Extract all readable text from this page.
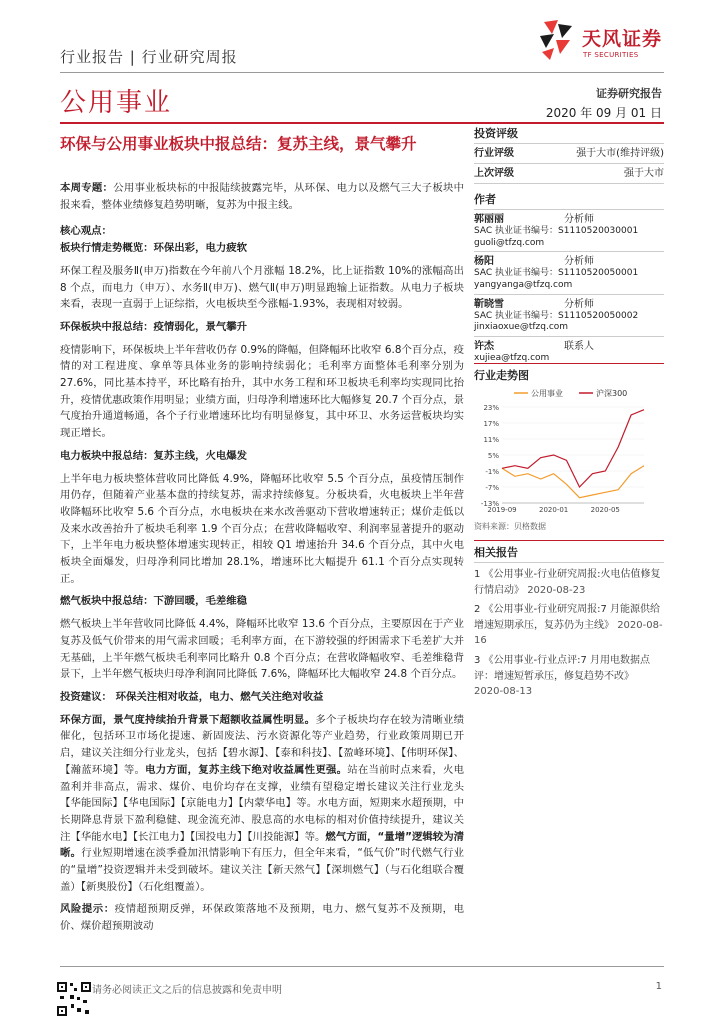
行业报告 | 行业研究周报
天风证券
TF SECURITIES
公用事业	证券研究报告
2020 年 09 月 01 日
环保与公用事业板块中报总结：复苏主线，景气攀升

本周专题：公用事业板块标的中报陆续披露完毕，从环保、电力以及燃气三大子板块中报来看，整体业绩修复趋势明晰，复苏为中报主线。

核心观点：

板块行情走势概览：环保出彩，电力疲软

环保工程及服务Ⅱ(申万)指数在今年前八个月涨幅 18.2%，比上证指数 10%的涨幅高出 8 个点，而电力（申万）、水务Ⅱ(申万)、燃气Ⅱ(申万)明显跑输上证指数。从电力子板块来看，表现一直弱于上证综指，火电板块至今涨幅-1.93%，表现相对较弱。

环保板块中报总结：疫情弱化，景气攀升

疫情影响下，环保板块上半年营收仍存 0.9%的降幅，但降幅环比收窄 6.8个百分点，疫情的对工程进度、拿单等具体业务的影响持续弱化；毛利率方面整体毛利率分别为 27.6%，同比基本持平，环比略有抬升，其中水务工程和环卫板块毛利率均实现同比抬升，疫情优惠政策作用明显；业绩方面，归母净利增速环比大幅修复 20.7 个百分点，景气度抬升通道畅通，各个子行业增速环比均有明显修复，其中环卫、水务运营板块均实现正增长。

电力板块中报总结：复苏主线，火电爆发

上半年电力板块整体营收同比降低 4.9%，降幅环比收窄 5.5 个百分点，虽疫情压制作用仍存，但随着产业基本盘的持续复苏，需求持续修复。分板块看，火电板块上半年营收降幅环比收窄 5.6 个百分点，水电板块在来水改善驱动下营收增速转正；煤价走低以及来水改善抬升了板块毛利率 1.9 个百分点；在营收降幅收窄、利润率显著提升的驱动下，上半年电力板块整体增速实现转正，相较 Q1 增速抬升 34.6 个百分点，其中火电板块全面爆发，归母净利同比增加 28.1%，增速环比大幅提升 61.1 个百分点实现转正。

燃气板块中报总结：下游回暖，毛差维稳

燃气板块上半年营收同比降低 4.4%，降幅环比收窄 13.6 个百分点，主要原因在于产业复苏及低气价带来的用气需求回暖；毛利率方面，在下游较强的纾困需求下毛差扩大并无基础，上半年燃气板块毛利率同比略升 0.8 个百分点；在营收降幅收窄、毛差维稳背景下，上半年燃气板块归母净利润同比降低 7.6%，降幅环比大幅收窄 24.8 个百分点。

投资建议： 环保关注相对收益，电力、燃气关注绝对收益

环保方面，景气度持续抬升背景下超额收益属性明显。多个子板块均存在较为清晰业绩催化，包括环卫市场化提速、新固废法、污水资源化等产业趋势，行业政策周期已开启，建议关注细分行业龙头，包括【碧水源】、【泰和科技】、【盈峰环境】、【伟明环保】、【瀚蓝环境】等。电力方面，复苏主线下绝对收益属性更强。站在当前时点来看，火电盈利并非高点，需求、煤价、电价均存在支撑，业绩有望稳定增长建议关注行业龙头【华能国际】【华电国际】【京能电力】【内蒙华电】等。水电方面，短期来水超预期，中长期降息背景下盈利稳健、现金流充沛、股息高的水电标的相对价值持续提升，建议关注【华能水电】【长江电力】【国投电力】【川投能源】等。燃气方面，“量增”逻辑较为清晰。行业短期增速在淡季叠加汛情影响下有压力，但全年来看，“低气价”时代燃气行业的“量增”投资逻辑并未受到破坏。建议关注【新天然气】【深圳燃气】（与石化组联合覆盖）【新奥股份】（石化组覆盖）。

风险提示：疫情超预期反弹，环保政策落地不及预期，电力、燃气复苏不及预期，电价、煤价超预期波动

投资评级
行业评级	强于大市(维持评级)
上次评级	强于大市
作者
郭丽丽	分析师
SAC 执业证书编号：S1110520030001
guoli@tfzq.com
杨阳	分析师
SAC 执业证书编号：S1110520050001
yangyanga@tfzq.com
靳晓雪	分析师
SAC 执业证书编号：S1110520050002
jinxiaoxue@tfzq.com
许杰	联系人
xujiea@tfzq.com
行业走势图
公用事业	沪深300
23%
17%
11%
5%
-1%
-7%
-13%
2019-09	2020-01	2020-05
资料来源：贝格数据
相关报告
1 《公用事业-行业研究周报:火电估值修复行情启动》 2020-08-23
2 《公用事业-行业研究周报:7 月能源供给增速短期承压，复苏仍为主线》 2020-08-16
3 《公用事业-行业点评:7 月用电数据点评：增速短暂承压，修复趋势不改》 2020-08-13
请务必阅读正文之后的信息披露和免责申明	1
